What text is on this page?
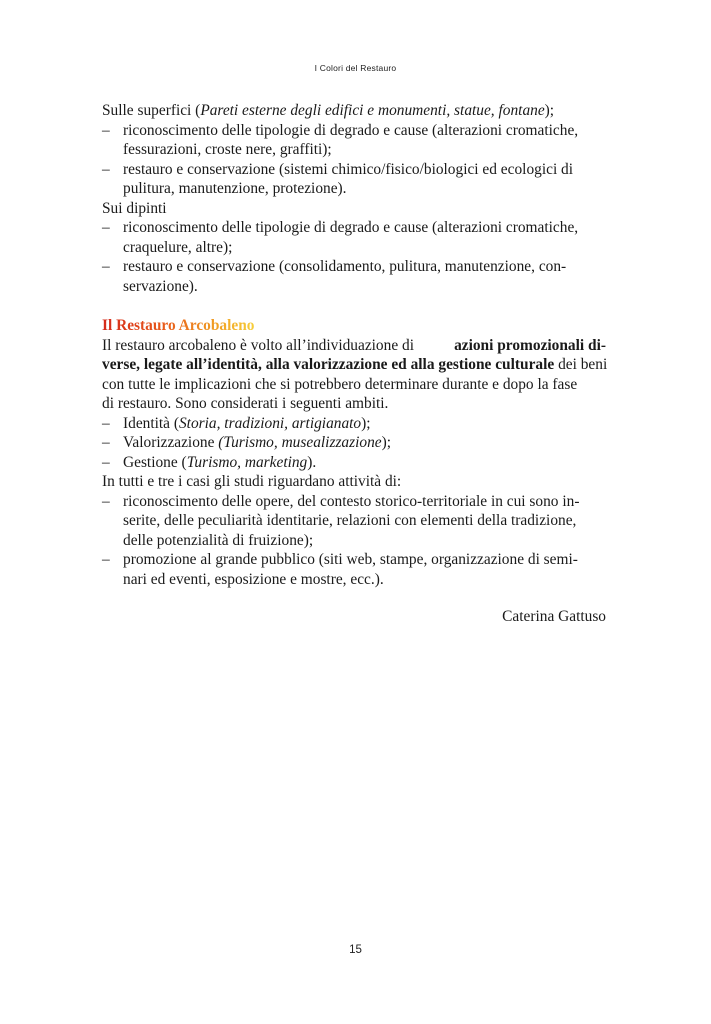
I Colori del Restauro
Sulle superfici (Pareti esterne degli edifici e monumenti, statue, fontane);
– riconoscimento delle tipologie di degrado e cause (alterazioni cromatiche,
fessurazioni, croste nere, graffiti);
– restauro e conservazione (sistemi chimico/fisico/biologici ed ecologici di
pulitura, manutenzione, protezione).
Sui dipinti
– riconoscimento delle tipologie di degrado e cause (alterazioni cromatiche,
craquelure, altre);
– restauro e conservazione (consolidamento, pulitura, manutenzione, con-
servazione).
Il Restauro Arcobaleno
Il restauro arcobaleno è volto all’individuazione di	azioni promozionali di-
verse, legate all’identità, alla valorizzazione ed alla gestione culturale dei beni
con tutte le implicazioni che si potrebbero determinare durante e dopo la fase
di restauro. Sono considerati i seguenti ambiti.
– Identità (Storia, tradizioni, artigianato);
– Valorizzazione (Turismo, musealizzazione);
– Gestione (Turismo, marketing).
In tutti e tre i casi gli studi riguardano attività di:
– riconoscimento delle opere, del contesto storico-territoriale in cui sono in-
serite, delle peculiarità identitarie, relazioni con elementi della tradizione,
delle potenzialità di fruizione);
– promozione al grande pubblico (siti web, stampe, organizzazione di semi-
nari ed eventi, esposizione e mostre, ecc.).
Caterina Gattuso
15
